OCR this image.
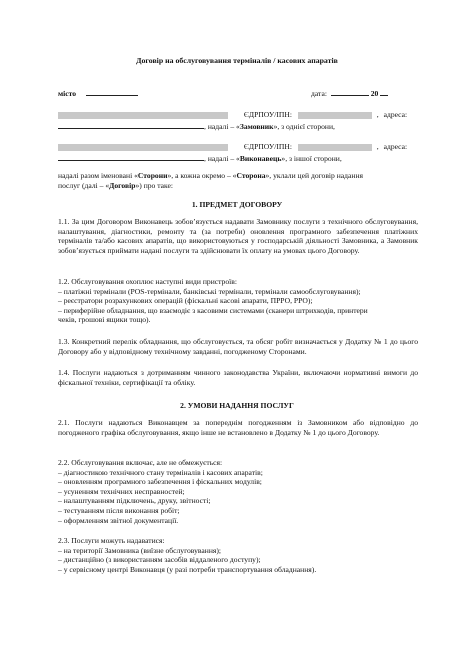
Договір на обслуговування терміналів / касових апаратів
місто	дата:	20
ЄДРПОУ/ІПН:	, адреса:
, надалі – «Замовник», з однієї сторони,
ЄДРПОУ/ІПН:	, адреса:
, надалі – «Виконавець», з іншої сторони,
надалі разом іменовані «Сторони», а кожна окремо – «Сторона», уклали цей договір надання
послуг (далі – «Договір») про таке:
1. ПРЕДМЕТ ДОГОВОРУ

1.1. За цим Договором Виконавець зобов’язується надавати Замовнику послуги з технічного обслуговування, налаштування, діагностики, ремонту та (за потреби) оновлення програмного забезпечення платіжних терміналів та/або касових апаратів, що використовуються у господарській діяльності Замовника, а Замовник зобов’язується приймати надані послуги та здійснювати їх оплату на умовах цього Договору.

1.2. Обслуговування охоплює наступні види пристроїв:
– платіжні термінали (POS-термінали, банківські термінали, термінали самообслуговування);
– реєстратори розрахункових операцій (фіскальні касові апарати, ПРРО, РРО);
– периферійне обладнання, що взаємодіє з касовими системами (сканери штрихкодів, принтери
чеків, грошові ящики тощо).

1.3. Конкретний перелік обладнання, що обслуговується, та обсяг робіт визначається у Додатку № 1 до цього Договору або у відповідному технічному завданні, погодженому Сторонами.

1.4. Послуги надаються з дотриманням чинного законодавства України, включаючи нормативні вимоги до фіскальної техніки, сертифікації та обліку.

2. УМОВИ НАДАННЯ ПОСЛУГ

2.1. Послуги надаються Виконавцем за попереднім погодженням із Замовником або відповідно до погодженого графіка обслуговування, якщо інше не встановлено в Додатку № 1 до цього Договору.

2.2. Обслуговування включає, але не обмежується:
– діагностикою технічного стану терміналів і касових апаратів;
– оновленням програмного забезпечення і фіскальних модулів;
– усуненням технічних несправностей;
– налаштуванням підключень, друку, звітності;
– тестуванням після виконання робіт;
– оформленням звітної документації.
2.3. Послуги можуть надаватися:
– на території Замовника (виїзне обслуговування);
– дистанційно (з використанням засобів віддаленого доступу);
– у сервісному центрі Виконавця (у разі потреби транспортування обладнання).
